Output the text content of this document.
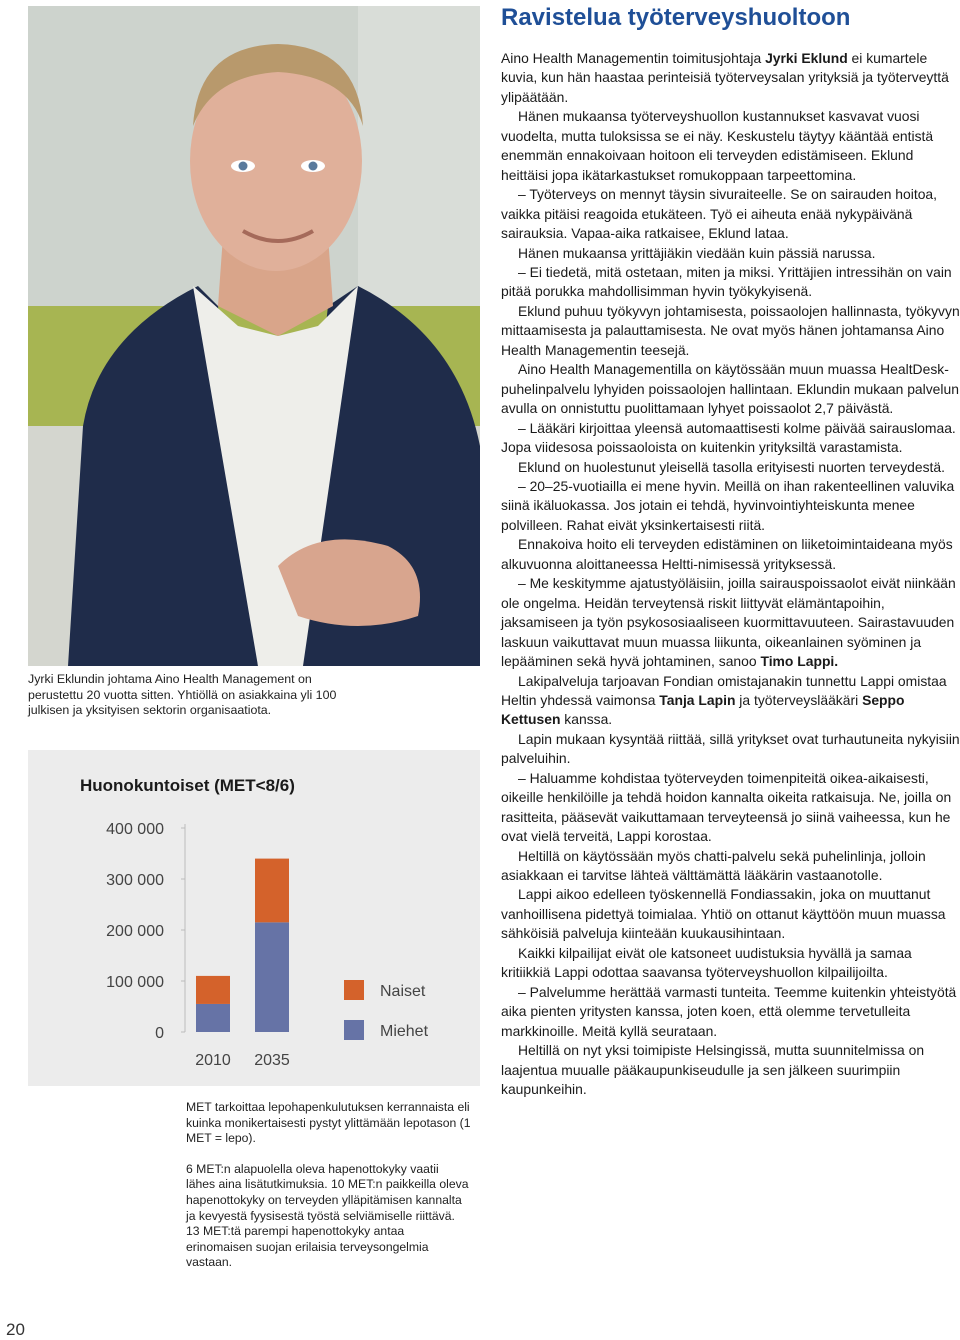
Jyrki Eklundin johtama Aino Health Management on perustettu 20 vuotta sitten. Yhtiöllä on asiakkaina yli 100 julkisen ja yksityisen sektorin organisaatiota.
Huonokuntoiset (MET<8/6)
0
100 000
200 000
300 000
400 000
2010 2035
Naiset
Miehet

MET tarkoittaa lepohapenkulutuksen kerrannaista eli kuinka monikertaisesti pystyt ylittämään lepotason (1 MET = lepo).

6 MET:n alapuolella oleva hapenottokyky vaatii lähes aina lisätutkimuksia. 10 MET:n paikkeilla oleva hapenottokyky on terveyden ylläpitämisen kannalta ja kevyestä fyysisestä työstä selviämiselle riittävä. 13 MET:tä parempi hapenottokyky antaa erinomaisen suojan erilaisia terveysongelmia vastaan.

Ravistelua työterveyshuoltoon

Aino Health Managementin toimitusjohtaja Jyrki Eklund ei kumartele kuvia, kun hän haastaa perinteisiä työterveysalan yrityksiä ja työterveyttä ylipäätään.

Hänen mukaansa työterveyshuollon kustannukset kasvavat vuosi vuodelta, mutta tuloksissa se ei näy. Keskustelu täytyy kääntää entistä enemmän ennakoivaan hoitoon eli terveyden edistämiseen. Eklund heittäisi jopa ikätarkastukset romukoppaan tarpeettomina.

– Työterveys on mennyt täysin sivuraiteelle. Se on sairauden hoitoa, vaikka pitäisi reagoida etukäteen. Työ ei aiheuta enää nykypäivänä sairauksia. Vapaa-aika ratkaisee, Eklund lataa.

Hänen mukaansa yrittäjiäkin viedään kuin pässiä narussa.

– Ei tiedetä, mitä ostetaan, miten ja miksi. Yrittäjien intressihän on vain pitää porukka mahdollisimman hyvin työkykyisenä.

Eklund puhuu työkyvyn johtamisesta, poissaolojen hallinnasta, työkyvyn mittaamisesta ja palauttamisesta. Ne ovat myös hänen johtamansa Aino Health Managementin teesejä.

Aino Health Managementilla on käytössään muun muassa HealtDesk-puhelinpalvelu lyhyiden poissaolojen hallintaan. Eklundin mukaan palvelun avulla on onnistuttu puolittamaan lyhyet poissaolot 2,7 päivästä.

– Lääkäri kirjoittaa yleensä automaattisesti kolme päivää sairauslomaa. Jopa viidesosa poissaoloista on kuitenkin yrityksiltä varastamista.

Eklund on huolestunut yleisellä tasolla erityisesti nuorten terveydestä.

– 20–25-vuotiailla ei mene hyvin. Meillä on ihan rakenteellinen valuvika siinä ikäluokassa. Jos jotain ei tehdä, hyvinvointiyhteiskunta menee polvilleen. Rahat eivät yksinkertaisesti riitä.

Ennakoiva hoito eli terveyden edistäminen on liiketoimintaideana myös alkuvuonna aloittaneessa Heltti-nimisessä yrityksessä.

– Me keskitymme ajatustyöläisiin, joilla sairauspoissaolot eivät niinkään ole ongelma. Heidän terveytensä riskit liittyvät elämäntapoihin, jaksamiseen ja työn psykososiaaliseen kuormittavuuteen. Sairastavuuden laskuun vaikuttavat muun muassa liikunta, oikeanlainen syöminen ja lepääminen sekä hyvä johtaminen, sanoo Timo Lappi.

Lakipalveluja tarjoavan Fondian omistajanakin tunnettu Lappi omistaa Heltin yhdessä vaimonsa Tanja Lapin ja työterveyslääkäri Seppo Kettusen kanssa.

Lapin mukaan kysyntää riittää, sillä yritykset ovat turhautuneita nykyisiin palveluihin.

– Haluamme kohdistaa työterveyden toimenpiteitä oikea-aikaisesti, oikeille henkilöille ja tehdä hoidon kannalta oikeita ratkaisuja. Ne, joilla on rasitteita, pääsevät vaikuttamaan terveyteensä jo siinä vaiheessa, kun he ovat vielä terveitä, Lappi korostaa.

Heltillä on käytössään myös chatti-palvelu sekä puhelinlinja, jolloin asiakkaan ei tarvitse lähteä välttämättä lääkärin vastaanotolle.

Lappi aikoo edelleen työskennellä Fondiassakin, joka on muuttanut vanhoillisena pidettyä toimialaa. Yhtiö on ottanut käyttöön muun muassa sähköisiä palveluja kiinteään kuukausihintaan.

Kaikki kilpailijat eivät ole katsoneet uudistuksia hyvällä ja samaa kritiikkiä Lappi odottaa saavansa työterveyshuollon kilpailijoilta.

– Palvelumme herättää varmasti tunteita. Teemme kuitenkin yhteistyötä aika pienten yritysten kanssa, joten koen, että olemme tervetulleita markkinoille. Meitä kyllä seurataan.

Heltillä on nyt yksi toimipiste Helsingissä, mutta suunnitelmissa on laajentua muualle pääkaupunkiseudulle ja sen jälkeen suurimpiin kaupunkeihin.

20
